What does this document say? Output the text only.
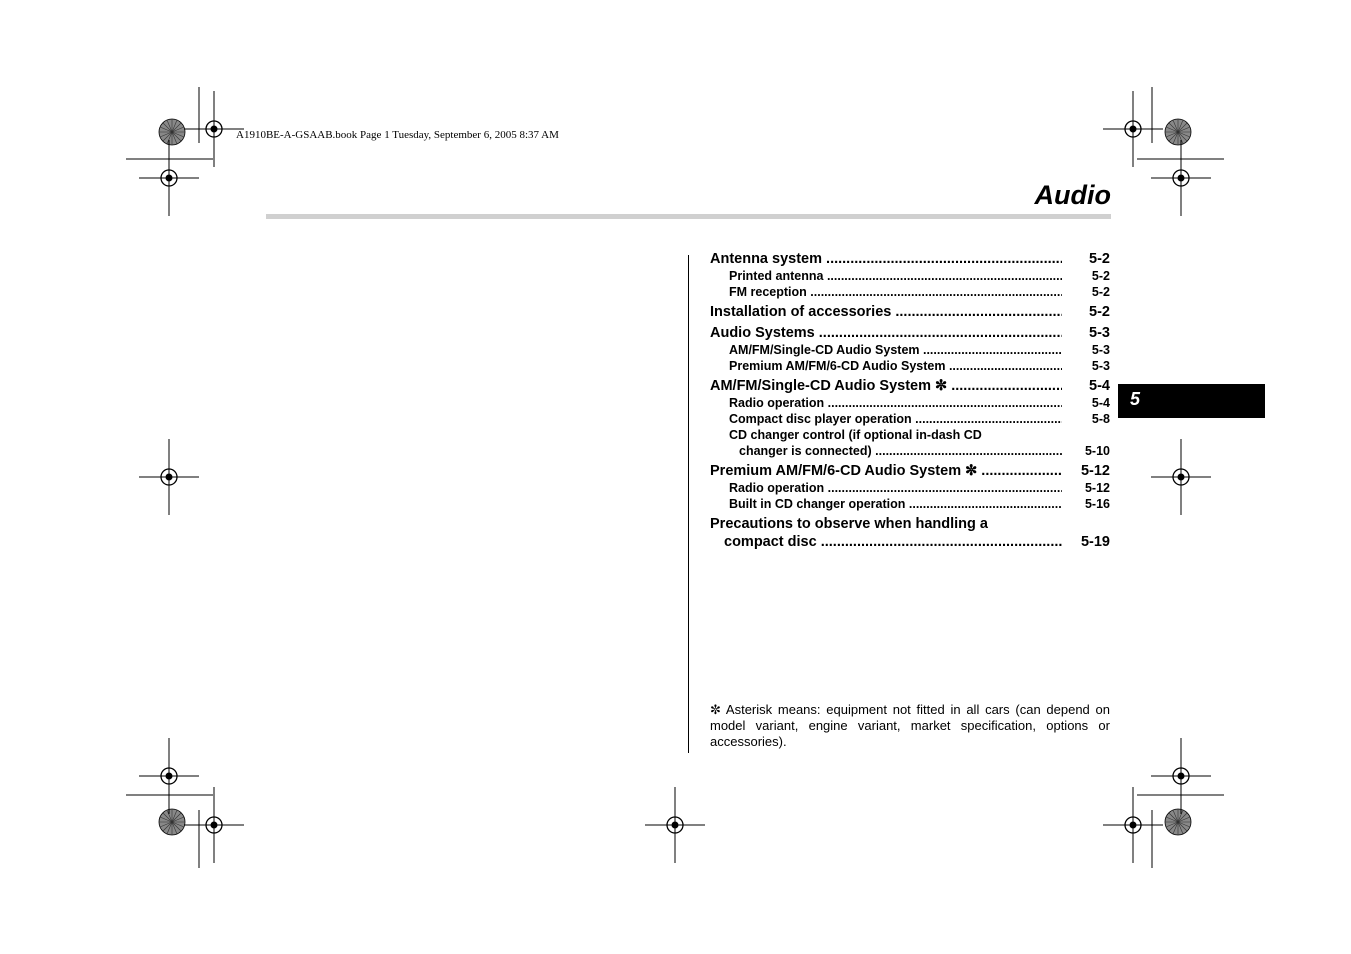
A1910BE-A-GSAAB.book Page 1 Tuesday, September 6, 2005 8:37 AM
Audio
Antenna system .....	5-2
Printed antenna .....	5-2
FM reception .....	5-2
Installation of accessories .....	5-2
Audio Systems .....	5-3
AM/FM/Single-CD Audio System .....	5-3
Premium AM/FM/6-CD Audio System .....	5-3
AM/FM/Single-CD Audio System ✼ .....	5-4
Radio operation .....	5-4
Compact disc player operation .....	5-8
CD changer control (if optional in-dash CD
changer is connected) .....	5-10
Premium AM/FM/6-CD Audio System ✼ .....	5-12
Radio operation .....	5-12
Built in CD changer operation .....	5-16
Precautions to observe when handling a
compact disc .....	5-19
✼ Asterisk means: equipment not fitted in all cars (can depend on model variant, engine variant, market specification, options or accessories).
5
